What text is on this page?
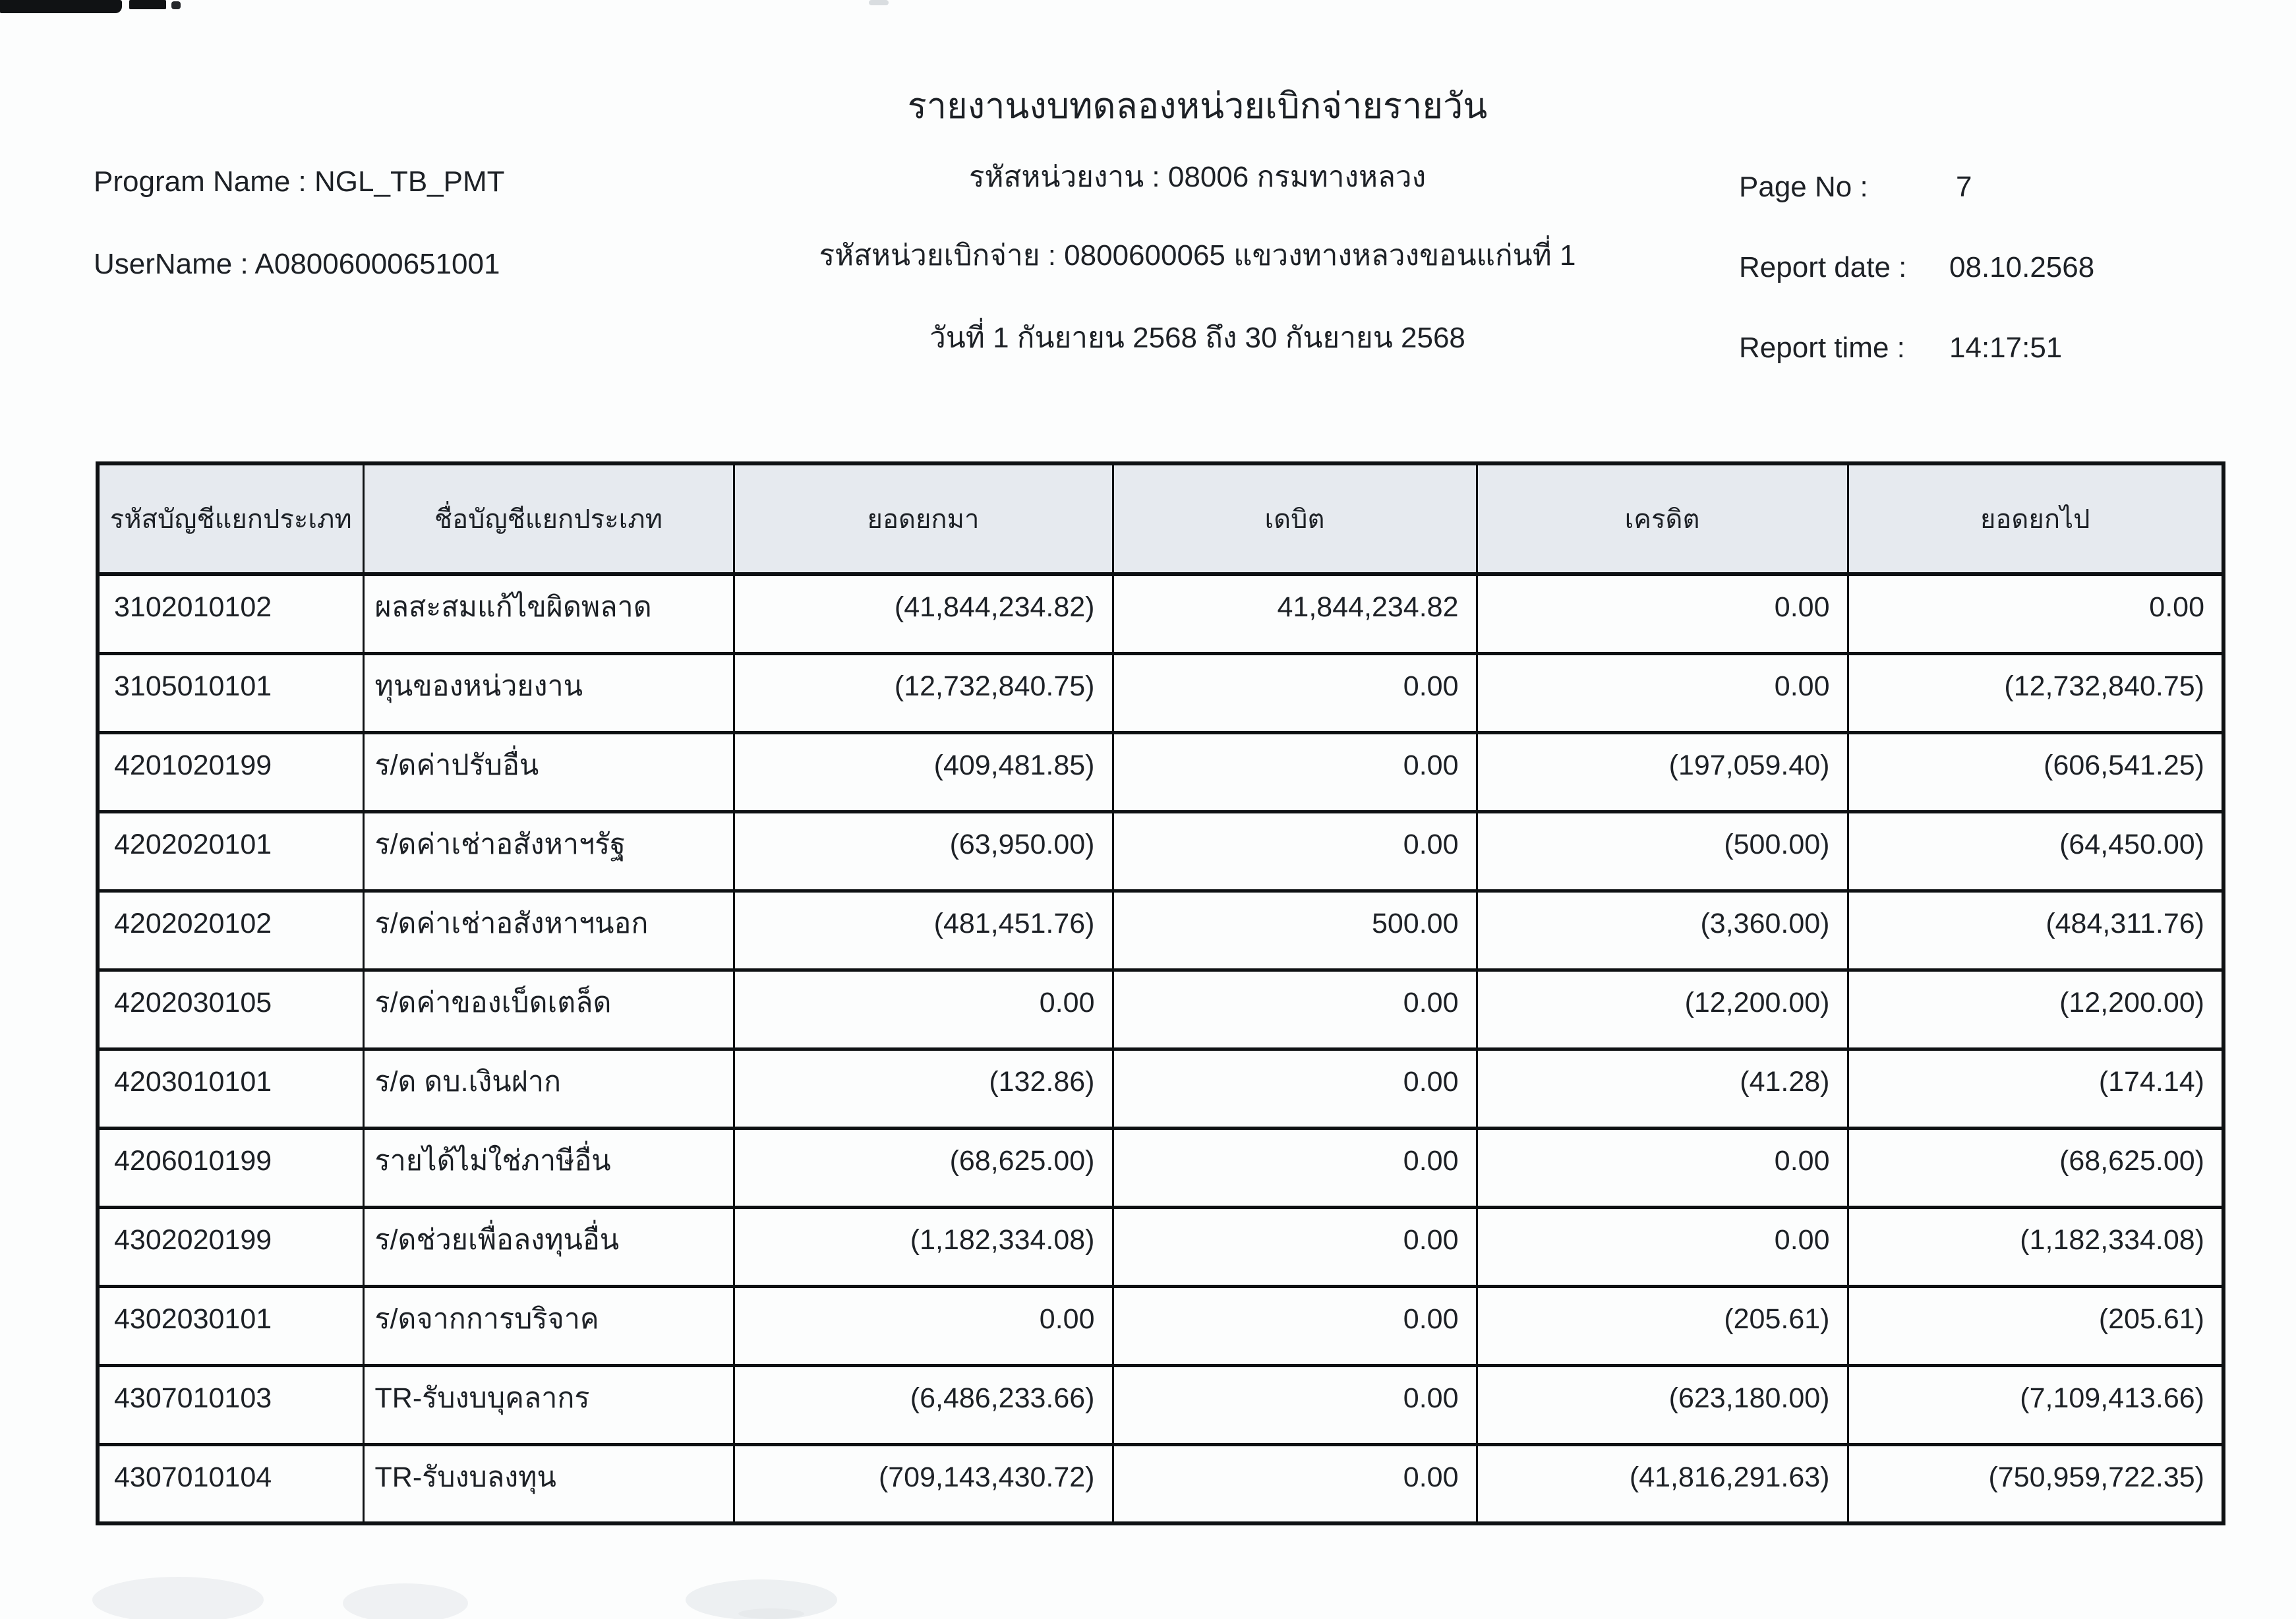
รายงานงบทดลองหน่วยเบิกจ่ายรายวัน
Program Name : NGL_TB_PMT
UserName : A08006000651001
รหัสหน่วยงาน : 08006 กรมทางหลวง
รหัสหน่วยเบิกจ่าย : 0800600065 แขวงทางหลวงขอนแก่นที่ 1
วันที่ 1 กันยายน 2568 ถึง 30 กันยายน 2568
Page No :	7
Report date : 08.10.2568
Report time : 14:17:51
รหัสบัญชีแยกประเภท	ชื่อบัญชีแยกประเภท	ยอดยกมา	เดบิต	เครดิต	ยอดยกไป
3102010102	ผลสะสมแก้ไขผิดพลาด	(41,844,234.82)	41,844,234.82	0.00	0.00
3105010101	ทุนของหน่วยงาน	(12,732,840.75)	0.00	0.00	(12,732,840.75)
4201020199	ร/ดค่าปรับอื่น	(409,481.85)	0.00	(197,059.40)	(606,541.25)
4202020101	ร/ดค่าเช่าอสังหาฯรัฐ	(63,950.00)	0.00	(500.00)	(64,450.00)
4202020102	ร/ดค่าเช่าอสังหาฯนอก	(481,451.76)	500.00	(3,360.00)	(484,311.76)
4202030105	ร/ดค่าของเบ็ดเตล็ด	0.00	0.00	(12,200.00)	(12,200.00)
4203010101	ร/ด ดบ.เงินฝาก	(132.86)	0.00	(41.28)	(174.14)
4206010199	รายได้ไม่ใช่ภาษีอื่น	(68,625.00)	0.00	0.00	(68,625.00)
4302020199	ร/ดช่วยเพื่อลงทุนอื่น	(1,182,334.08)	0.00	0.00	(1,182,334.08)
4302030101	ร/ดจากการบริจาค	0.00	0.00	(205.61)	(205.61)
4307010103	TR-รับงบบุคลากร	(6,486,233.66)	0.00	(623,180.00)	(7,109,413.66)
4307010104	TR-รับงบลงทุน	(709,143,430.72)	0.00	(41,816,291.63)	(750,959,722.35)
